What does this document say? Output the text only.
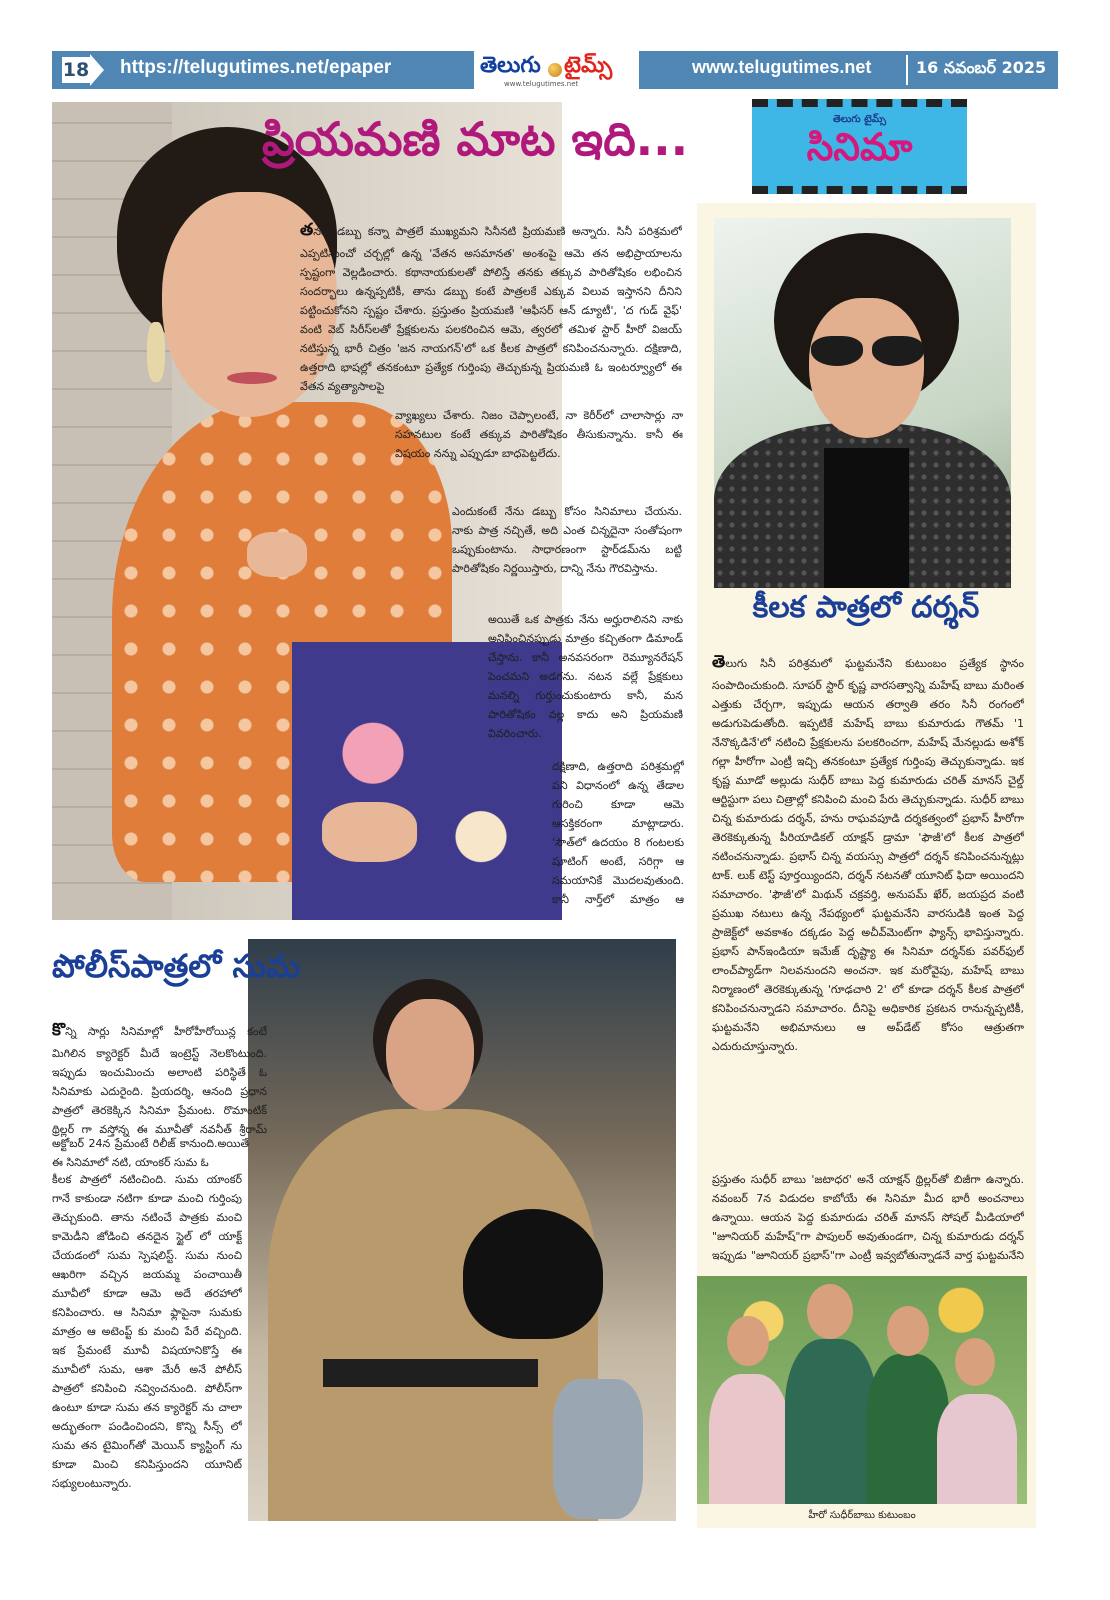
18 https://telugutimes.net/epaper	తెలుగు టైమ్స్
www.telugutimes.net
www.telugutimes.net	16 నవంబర్ 2025
ప్రియమణి మాట ఇది...
తనకు డబ్బు కన్నా పాత్రలే ముఖ్యమని సినీనటి ప్రియమణి అన్నారు. సినీ పరిశ్రమలో ఎప్పటినుంచో చర్చల్లో ఉన్న 'వేతన అసమానత' అంశంపై ఆమె తన అభిప్రాయాలను స్పష్టంగా వెల్లడించారు. కథానాయకులతో పోలిస్తే తనకు తక్కువ పారితోషికం లభించిన సందర్భాలు ఉన్నప్పటికీ, తాను డబ్బు కంటే పాత్రలకే ఎక్కువ విలువ ఇస్తానని దీనిని పట్టించుకోనని స్పష్టం చేశారు. ప్రస్తుతం ప్రియమణి 'ఆఫీసర్ ఆన్ డ్యూటీ', 'ద గుడ్ వైఫ్' వంటి వెబ్ సిరీస్‌లతో ప్రేక్షకులను పలకరించిన ఆమె, త్వరలో తమిళ స్టార్ హీరో విజయ్ నటిస్తున్న భారీ చిత్రం 'జన నాయగన్'లో ఒక కీలక పాత్రలో కనిపించనున్నారు. దక్షిణాది, ఉత్తరాది భాషల్లో తనకంటూ ప్రత్యేక గుర్తింపు తెచ్చుకున్న ప్రియమణి ఓ ఇంటర్వ్యూలో ఈ వేతన వ్యత్యాసాలపై
వ్యాఖ్యలు చేశారు. నిజం చెప్పాలంటే, నా కెరీర్‌లో చాలాసార్లు నా సహనటుల కంటే తక్కువ పారితోషికం తీసుకున్నాను. కానీ ఈ విషయం నన్ను ఎప్పుడూ బాధపెట్టలేదు.
ఎందుకంటే నేను డబ్బు కోసం సినిమాలు చేయను. నాకు పాత్ర నచ్చితే, అది ఎంత చిన్నదైనా సంతోషంగా ఒప్పుకుంటాను. సాధారణంగా స్టార్‌డమ్‌ను బట్టి పారితోషికం నిర్ణయిస్తారు, దాన్ని నేను గౌరవిస్తాను.
అయితే ఒక పాత్రకు నేను అర్హురాలినని నాకు అనిపించినప్పుడు మాత్రం కచ్చితంగా డిమాండ్ చేస్తాను. కానీ అనవసరంగా రెమ్యూనరేషన్ పెంచమని అడగను. నటన వల్లే ప్రేక్షకులు మనల్ని గుర్తుంచుకుంటారు కానీ, మన పారితోషికం వల్ల కాదు అని ప్రియమణి వివరించారు.
దక్షిణాది, ఉత్తరాది పరిశ్రమల్లో పని విధానంలో ఉన్న తేడాల గురించి కూడా ఆమె ఆసక్తికరంగా మాట్లాడారు. 'సౌత్‌లో ఉదయం 8 గంటలకు షూటింగ్ అంటే, సరిగ్గా ఆ సమయానికే మొదలవుతుంది. కానీ నార్త్‌లో మాత్రం ఆ
తెలుగు టైమ్స్
సినిమా
కీలక పాత్రలో దర్శన్
తెలుగు సినీ పరిశ్రమలో ఘట్టమనేని కుటుంబం ప్రత్యేక స్థానం సంపాదించుకుంది. సూపర్ స్టార్ కృష్ణ వారసత్వాన్ని మహేష్ బాబు మరింత ఎత్తుకు చేర్చగా, ఇప్పుడు ఆయన తర్వాతి తరం సినీ రంగంలో అడుగుపెడుతోంది. ఇప్పటికే మహేష్ బాబు కుమారుడు గౌతమ్ '1 నేనొక్కడినే'లో నటించి ప్రేక్షకులను పలకరించగా, మహేష్ మేనల్లుడు అశోక్ గల్లా హీరోగా ఎంట్రీ ఇచ్చి తనకంటూ ప్రత్యేక గుర్తింపు తెచ్చుకున్నాడు. ఇక కృష్ణ మూడో అల్లుడు సుధీర్ బాబు పెద్ద కుమారుడు చరిత్ మానస్ చైల్డ్ ఆర్టిస్టుగా పలు చిత్రాల్లో కనిపించి మంచి పేరు తెచ్చుకున్నాడు. సుధీర్ బాబు చిన్న కుమారుడు దర్శన్, హను రాఘవపూడి దర్శకత్వంలో ప్రభాస్ హీరోగా తెరకెక్కుతున్న పీరియాడికల్ యాక్షన్ డ్రామా 'ఫౌజీ'లో కీలక పాత్రలో నటించనున్నాడు. ప్రభాస్ చిన్న వయస్సు పాత్రలో దర్శన్ కనిపించనున్నట్లు టాక్. లుక్ టెస్ట్ పూర్తయ్యిందని, దర్శన్ నటనతో యూనిట్ ఫిదా అయిందని సమాచారం. 'ఫౌజీ'లో మిథున్ చక్రవర్తి, అనుపమ్ ఖేర్, జయప్రద వంటి ప్రముఖ నటులు ఉన్న నేపథ్యంలో ఘట్టమనేని వారసుడికి ఇంత పెద్ద ప్రాజెక్ట్‌లో అవకాశం దక్కడం పెద్ద అచీవ్‌మెంట్‌గా ఫ్యాన్స్ భావిస్తున్నారు. ప్రభాస్ పాన్ఇండియా ఇమేజ్ దృష్ట్యా ఈ సినిమా దర్శన్‌కు పవర్‌ఫుల్ లాంచ్‌ప్యాడ్‌గా నిలవనుందని అంచనా. ఇక మరోవైపు, మహేష్ బాబు నిర్మాణంలో తెరకెక్కుతున్న 'గూఢచారి 2' లో కూడా దర్శన్ కీలక పాత్రలో కనిపించనున్నాడని సమాచారం. దీనిపై అధికారిక ప్రకటన రానున్నప్పటికీ, ఘట్టమనేని అభిమానులు ఆ అప్‌డేట్ కోసం ఆత్రుతగా ఎదురుచూస్తున్నారు.
ప్రస్తుతం సుధీర్ బాబు 'జటాధర' అనే యాక్షన్ థ్రిల్లర్‌తో బిజీగా ఉన్నారు. నవంబర్ 7న విడుదల కాబోయే ఈ సినిమా మీద భారీ అంచనాలు ఉన్నాయి. ఆయన పెద్ద కుమారుడు చరిత్ మానస్ సోషల్ మీడియాలో "జూనియర్ మహేష్"గా పాపులర్ అవుతుండగా, చిన్న కుమారుడు దర్శన్ ఇప్పుడు "జూనియర్ ప్రభాస్"గా ఎంట్రీ ఇవ్వబోతున్నాడనే వార్త ఘట్టమనేని
హీరో సుధీర్‌బాబు కుటుంబం
పోలీస్‌పాత్రలో సుమ
కొన్ని సార్లు సినిమాల్లో హీరోహీరోయిన్ల కంటే మిగిలిన క్యారెక్టర్ మీదే ఇంట్రెస్ట్ నెలకొంటుంది. ఇప్పుడు ఇంచుమించు అలాంటి పరిస్థితే ఓ సినిమాకు ఎదురైంది. ప్రియదర్శి, ఆనంది ప్రధాన పాత్రలో తెరకెక్కిన సినిమా ప్రేమంట. రొమాంటిక్ థ్రిల్లర్ గా వస్తోన్న ఈ మూవీతో నవనీత్ శ్రీరామ్
అక్టోబర్ 24న ప్రేమంటే రిలీజ్ కానుంది.అయితే ఈ సినిమాలో నటి, యాంకర్ సుమ ఓ
కీలక పాత్రలో నటించింది. సుమ యాంకర్ గానే కాకుండా నటిగా కూడా మంచి గుర్తింపు తెచ్చుకుంది. తాను నటించే పాత్రకు మంచి కామెడీని జోడించి తనదైన స్టైల్ లో యాక్ట్ చేయడంలో సుమ స్పెషలిస్ట్. సుమ నుంచి ఆఖరిగా వచ్చిన జయమ్మ పంచాయితీ మూవీలో కూడా ఆమె అదే తరహాలో కనిపించారు. ఆ సినిమా ఫ్లాపైనా సుమకు మాత్రం ఆ అటెంప్ట్ కు మంచి పేరే వచ్చింది. ఇక ప్రేమంటే మూవీ విషయానికొస్తే ఈ మూవీలో సుమ, ఆశా మేరీ అనే పోలీస్ పాత్రలో కనిపించి నవ్వించనుంది. పోలీస్‌గా ఉంటూ కూడా సుమ తన క్యారెక్టర్ ను చాలా అద్భుతంగా పండించిందని, కొన్ని సీన్స్ లో సుమ తన టైమింగ్‌తో మెయిన్ క్యాస్టింగ్ ను కూడా మించి కనిపిస్తుందని యూనిట్ సభ్యులంటున్నారు.
